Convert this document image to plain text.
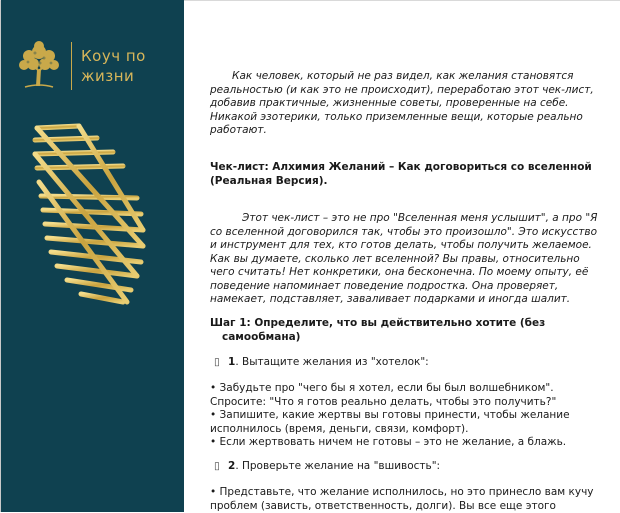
Коуч по
жизни	Как человек, который не раз видел, как желания становятся реальностью (и как это не происходит), переработаю этот чек-лист, добавив практичные, жизненные советы, проверенные на себе. Никакой эзотерики, только приземленные вещи, которые реально работают.

Чек-лист: Алхимия Желаний – Как договориться со вселенной (Реальная Версия).

Этот чек-лист – это не про "Вселенная меня услышит", а про "Я со вселенной договорился так, чтобы это произошло". Это искусство и инструмент для тех, кто готов делать, чтобы получить желаемое. Как вы думаете, сколько лет вселенной? Вы правы, относительно чего считать! Нет конкретики, она бесконечна. По моему опыту, её поведение напоминает поведение подростка. Она проверяет, намекает, подставляет, заваливает подарками и иногда шалит.

Шаг 1: Определите, что вы действительно хотите (без
самообмана)

▯ 1. Вытащите желания из "хотелок":

• Забудьте про "чего бы я хотел, если бы был волшебником".
Спросите: "Что я готов реально делать, чтобы это получить?"
• Запишите, какие жертвы вы готовы принести, чтобы желание
исполнилось (время, деньги, связи, комфорт).
• Если жертвовать ничем не готовы – это не желание, а блажь.

▯ 2. Проверьте желание на "вшивость":

• Представьте, что желание исполнилось, но это принесло вам кучу
проблем (зависть, ответственность, долги). Вы все еще этого
